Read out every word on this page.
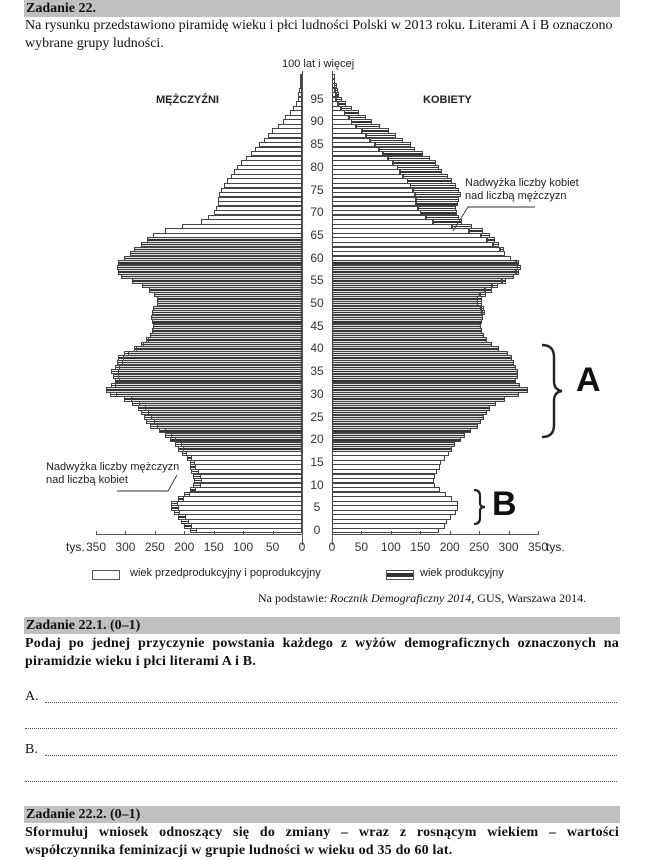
Zadanie 22.
Na rysunku przedstawiono piramidę wieku i płci ludności Polski w 2013 roku. Literami A i B oznaczono wybrane grupy ludności.
100 lat i więcej
MĘŻCZYŹNI	KOBIETY
0
5
10
15
20
25
30
35
40
45
50
55
60
65
70
75
80
85
90
95
350 300 250 200 150 100	50	0	0	50	100 150 200 250 300 350
tys.	tys.
Nadwyżka liczby kobiet
nad liczbą mężczyzn
Nadwyżka liczby mężczyzn
nad liczbą kobiet
A
B
wiek przedprodukcyjny i poprodukcyjny	wiek produkcyjny
Na podstawie: Rocznik Demograficzny 2014, GUS, Warszawa 2014.
Zadanie 22.1. (0–1)
Podaj po jednej przyczynie powstania każdego z wyżów demograficznych oznaczonych na piramidzie wieku i płci literami A i B.
A.
B.
Zadanie 22.2. (0–1)
Sformułuj wniosek odnoszący się do zmiany – wraz z rosnącym wiekiem – wartości współczynnika feminizacji w grupie ludności w wieku od 35 do 60 lat.
